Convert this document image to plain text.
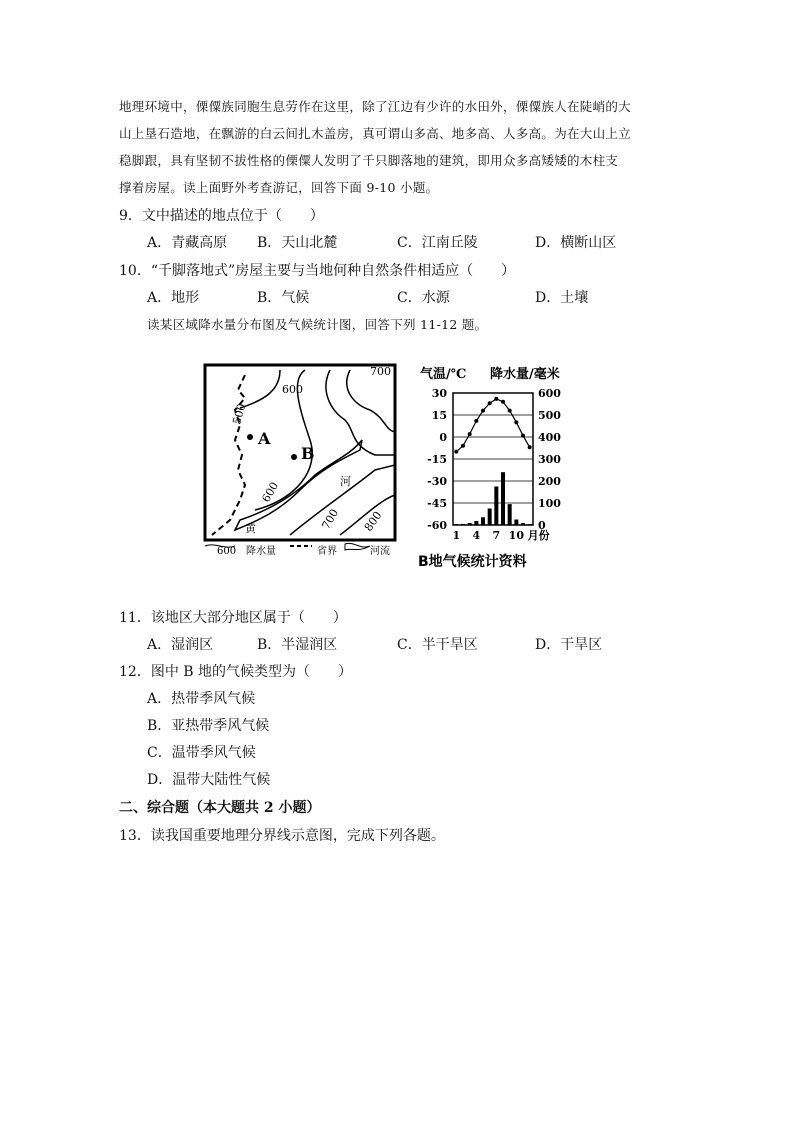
地理环境中，傈僳族同胞生息劳作在这里，除了江边有少许的水田外，傈僳族人在陡峭的大
山上垦石造地，在飘游的白云间扎木盖房，真可谓山多高、地多高、人多高。为在大山上立
稳脚跟，具有坚韧不拔性格的傈僳人发明了千只脚落地的建筑，即用众多高矮矮的木柱支
撑着房屋。读上面野外考查游记，回答下面 9-10 小题。
9．文中描述的地点位于（　　）
A．青藏高原 B．天山北麓	C．江南丘陵	D．横断山区
10．“千脚落地式”房屋主要与当地何种自然条件相适应（　　）
A．地形	B．气候	C．水源	D．土壤
读某区域降水量分布图及气候统计图，回答下列 11-12 题。
600
700
500
600
700 800
河
黄
A
B
600 降水量	省界	河流
气温/℃ 降水量/毫米
30	600
15	500
0	400
-15	300
-30	200
-45	100
-60	0
1 4 7 10 月份
B地气候统计资料
11．该地区大部分地区属于（　　）
A．湿润区	B．半湿润区	C．半干旱区	D．干旱区
12．图中 B 地的气候类型为（　　）
A．热带季风气候
B．亚热带季风气候
C．温带季风气候
D．温带大陆性气候
二、综合题（本大题共 2 小题）
13．读我国重要地理分界线示意图，完成下列各题。
